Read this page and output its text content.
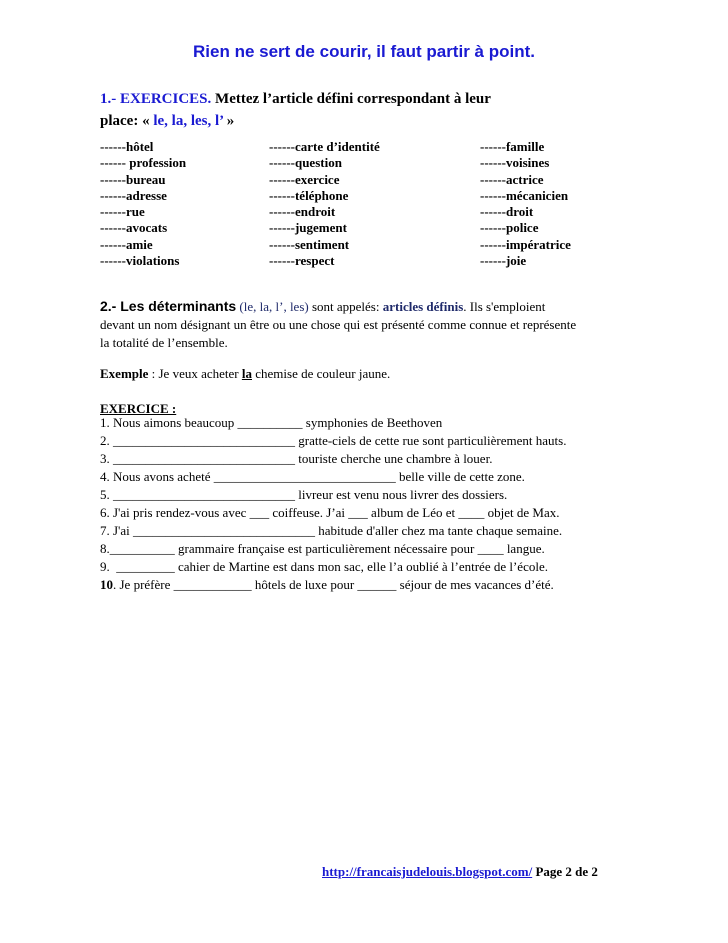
Rien ne sert de courir, il faut partir à point.
1.- EXERCICES. Mettez l’article défini correspondant à leur
place: « le, la, les, l’ »
------hôtel
------ profession
------bureau
------adresse
------rue
------avocats
------amie
------violations
------carte d’identité
------question
------exercice
------téléphone
------endroit
------jugement
------sentiment
------respect
------famille
------voisines
------actrice
------mécanicien
------droit
------police
------impératrice
------joie
2.- Les déterminants (le, la, l’, les) sont appelés: articles définis. Ils s'emploient
devant un nom désignant un être ou une chose qui est présenté comme connue et représente
la totalité de l’ensemble.
Exemple : Je veux acheter la chemise de couleur jaune.
EXERCICE :
1. Nous aimons beaucoup __________ symphonies de Beethoven
2. ____________________________ gratte-ciels de cette rue sont particulièrement hauts.
3. ____________________________ touriste cherche une chambre à louer.
4. Nous avons acheté ____________________________ belle ville de cette zone.
5. ____________________________ livreur est venu nous livrer des dossiers.
6. J'ai pris rendez-vous avec ___ coiffeuse. J’ai ___ album de Léo et ____ objet de Max.
7. J'ai ____________________________ habitude d'aller chez ma tante chaque semaine.
8.__________ grammaire française est particulièrement nécessaire pour ____ langue.
9.  _________ cahier de Martine est dans mon sac, elle l’a oublié à l’entrée de l’école.
10. Je préfère ____________ hôtels de luxe pour ______ séjour de mes vacances d’été.
http://francaisjudelouis.blogspot.com/ Page 2 de 2
